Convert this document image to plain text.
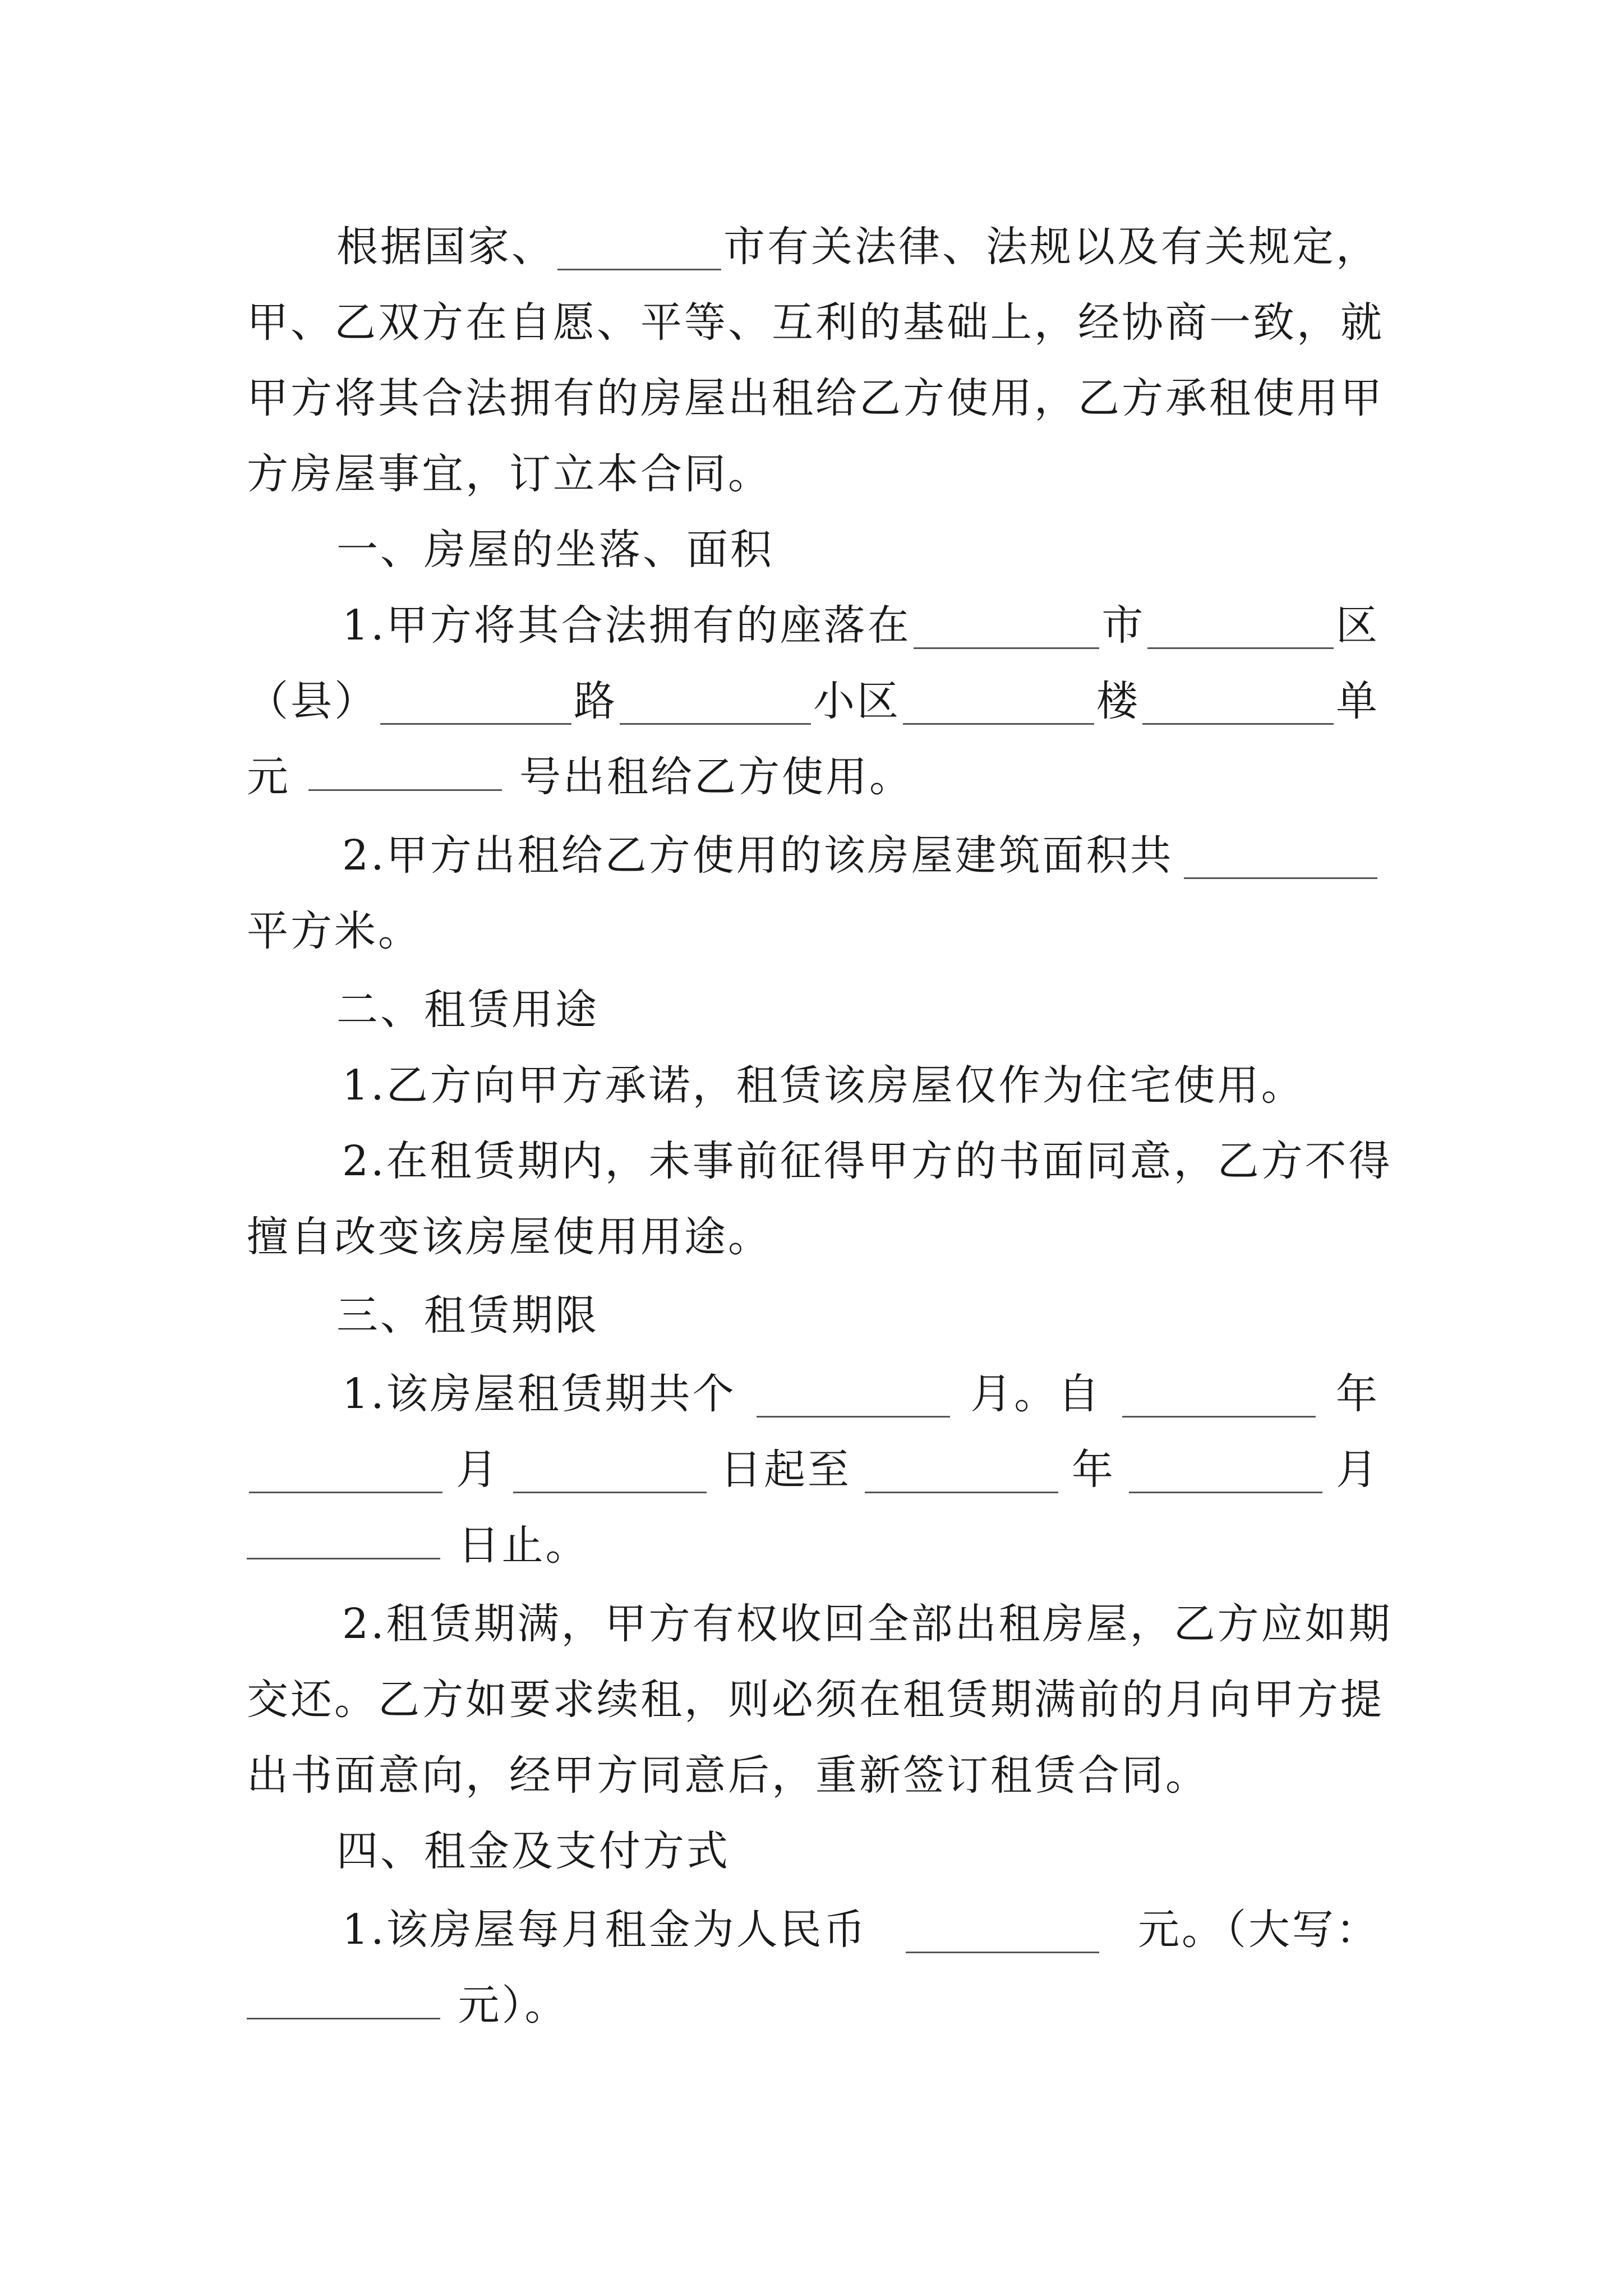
根据国家、	市有关法律、法规以及有关规定，
甲、乙双方在自愿、平等、互利的基础上，经协商一致，就
甲方将其合法拥有的房屋出租给乙方使用，乙方承租使用甲
方房屋事宜，订立本合同。
一、房屋的坐落、面积
1.甲方将其合法拥有的座落在	市	区
（县）	路	小区	楼	单
元	号出租给乙方使用。
2.甲方出租给乙方使用的该房屋建筑面积共
平方米。
二、租赁用途
1.乙方向甲方承诺，租赁该房屋仅作为住宅使用。
2.在租赁期内，未事前征得甲方的书面同意，乙方不得
擅自改变该房屋使用用途。
三、租赁期限
1.该房屋租赁期共个	月。自	年
月	日起至	年	月
日止。
2.租赁期满，甲方有权收回全部出租房屋，乙方应如期
交还。乙方如要求续租，则必须在租赁期满前的月向甲方提
出书面意向，经甲方同意后，重新签订租赁合同。
四、租金及支付方式
1.该房屋每月租金为人民币	元。（大写：
元）。
